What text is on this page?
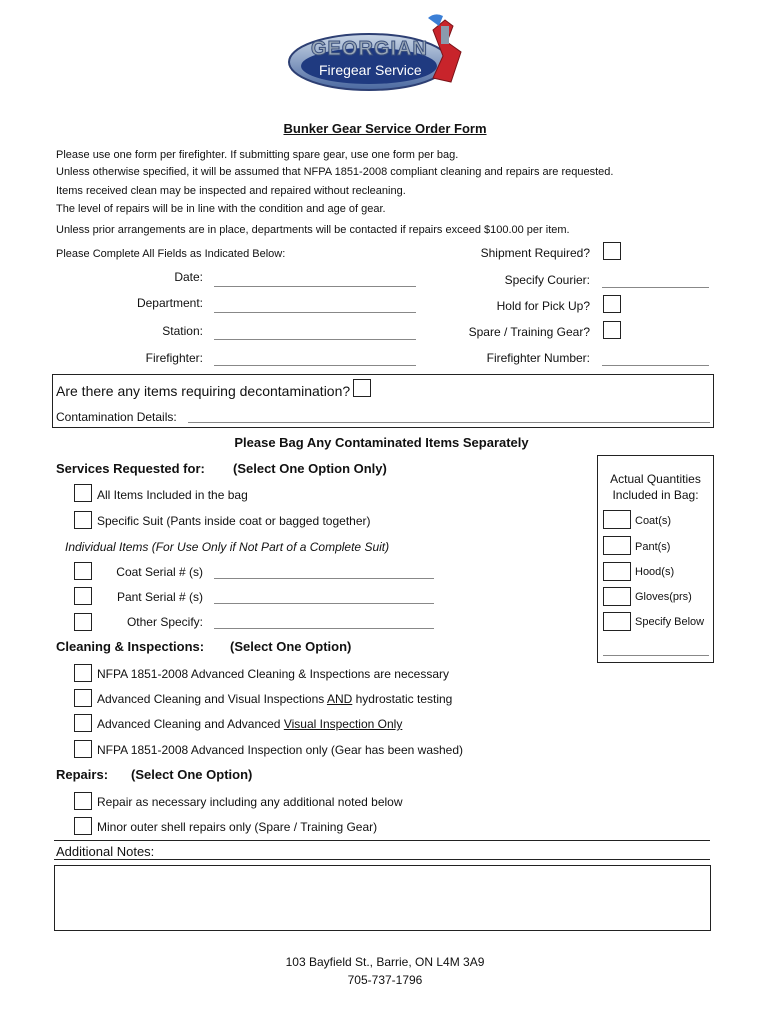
GEORGIAN
Firegear Service
Bunker Gear Service Order Form
Please use one form per firefighter. If submitting spare gear, use one form per bag.
Unless otherwise specified, it will be assumed that NFPA 1851-2008 compliant cleaning and repairs are requested.
Items received clean may be inspected and repaired without recleaning.
The level of repairs will be in line with the condition and age of gear.
Unless prior arrangements are in place, departments will be contacted if repairs exceed $100.00 per item.
Please Complete All Fields as Indicated Below:
Date:
Department:
Station:
Firefighter:
Shipment Required?
Specify Courier:
Hold for Pick Up?
Spare / Training Gear?
Firefighter Number:
Are there any items requiring decontamination?
Contamination Details:
Please Bag Any Contaminated Items Separately
Services Requested for: (Select One Option Only)
All Items Included in the bag
Specific Suit (Pants inside coat or bagged together)
Individual Items (For Use Only if Not Part of a Complete Suit)
Coat Serial # (s)
Pant Serial # (s)
Other Specify:
Actual Quantities
Included in Bag:
Coat(s)
Pant(s)
Hood(s)
Gloves(prs)
Specify Below
Cleaning & Inspections: (Select One Option)
NFPA 1851-2008 Advanced Cleaning & Inspections are necessary
Advanced Cleaning and Visual Inspections AND hydrostatic testing
Advanced Cleaning and Advanced Visual Inspection Only
NFPA 1851-2008 Advanced Inspection only (Gear has been washed)
Repairs: (Select One Option)
Repair as necessary including any additional noted below
Minor outer shell repairs only (Spare / Training Gear)
Additional Notes:
103 Bayfield St., Barrie, ON L4M 3A9
705-737-1796
